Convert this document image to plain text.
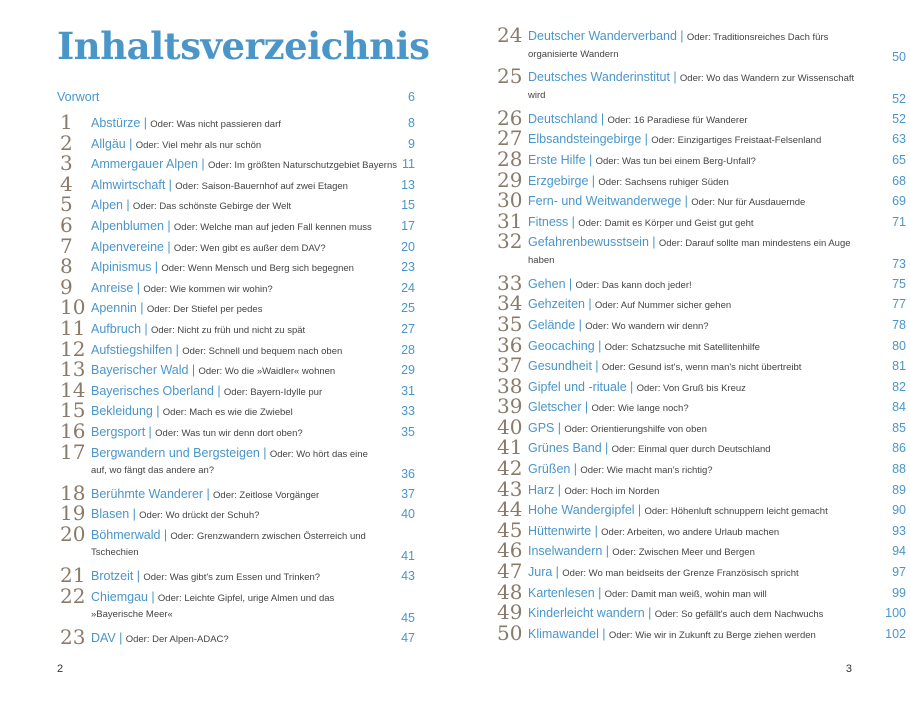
Inhaltsverzeichnis
Vorwort	6
1	Abstürze | Oder: Was nicht passieren darf	8
2	Allgäu | Oder: Viel mehr als nur schön	9
3	Ammergauer Alpen | Oder: Im größten Naturschutzgebiet Bayerns 11
4	Almwirtschaft | Oder: Saison-Bauernhof auf zwei Etagen	13
5	Alpen | Oder: Das schönste Gebirge der Welt	15
6	Alpenblumen | Oder: Welche man auf jeden Fall kennen muss 17
7	Alpenvereine | Oder: Wen gibt es außer dem DAV?	20
8	Alpinismus | Oder: Wenn Mensch und Berg sich begegnen	23
9	Anreise | Oder: Wie kommen wir wohin?	24
10 Apennin | Oder: Der Stiefel per pedes	25
11 Aufbruch | Oder: Nicht zu früh und nicht zu spät	27
12 Aufstiegshilfen | Oder: Schnell und bequem nach oben	28
13 Bayerischer Wald | Oder: Wo die »Waidler« wohnen	29
14 Bayerisches Oberland | Oder: Bayern-Idylle pur	31
15 Bekleidung | Oder: Mach es wie die Zwiebel	33
16 Bergsport | Oder: Was tun wir denn dort oben?	35
17 Bergwandern und Bergsteigen | Oder: Wo hört das eine auf, wo fängt das andere an?	36
18 Berühmte Wanderer | Oder: Zeitlose Vorgänger	37
19 Blasen | Oder: Wo drückt der Schuh?	40
20 Böhmerwald | Oder: Grenzwandern zwischen Österreich und Tschechien	41
21 Brotzeit | Oder: Was gibt's zum Essen und Trinken?	43
22 Chiemgau | Oder: Leichte Gipfel, urige Almen und das »Bayerische Meer«	45
23 DAV | Oder: Der Alpen-ADAC?	47
2
24 Deutscher Wanderverband | Oder: Traditionsreiches Dach fürs organisierte Wandern	50
25 Deutsches Wanderinstitut | Oder: Wo das Wandern zur Wissenschaft wird	52
26 Deutschland | Oder: 16 Paradiese für Wanderer	52
27 Elbsandsteingebirge | Oder: Einzigartiges Freistaat-Felsenland	63
28 Erste Hilfe | Oder: Was tun bei einem Berg-Unfall?	65
29 Erzgebirge | Oder: Sachsens ruhiger Süden	68
30 Fern- und Weitwanderwege | Oder: Nur für Ausdauernde	69
31 Fitness | Oder: Damit es Körper und Geist gut geht	71
32 Gefahrenbewusstsein | Oder: Darauf sollte man mindestens ein Auge haben	73
33 Gehen | Oder: Das kann doch jeder!	75
34 Gehzeiten | Oder: Auf Nummer sicher gehen	77
35 Gelände | Oder: Wo wandern wir denn?	78
36 Geocaching | Oder: Schatzsuche mit Satellitenhilfe	80
37 Gesundheit | Oder: Gesund ist's, wenn man's nicht übertreibt	81
38 Gipfel und -rituale | Oder: Von Gruß bis Kreuz	82
39 Gletscher | Oder: Wie lange noch?	84
40 GPS | Oder: Orientierungshilfe von oben	85
41 Grünes Band | Oder: Einmal quer durch Deutschland	86
42 Grüßen | Oder: Wie macht man's richtig?	88
43 Harz | Oder: Hoch im Norden	89
44 Hohe Wandergipfel | Oder: Höhenluft schnuppern leicht gemacht	90
45 Hüttenwirte | Oder: Arbeiten, wo andere Urlaub machen	93
46 Inselwandern | Oder: Zwischen Meer und Bergen	94
47 Jura | Oder: Wo man beidseits der Grenze Französisch spricht	97
48 Kartenlesen | Oder: Damit man weiß, wohin man will	99
49 Kinderleicht wandern | Oder: So gefällt's auch dem Nachwuchs	100
50 Klimawandel | Oder: Wie wir in Zukunft zu Berge ziehen werden	102
3
